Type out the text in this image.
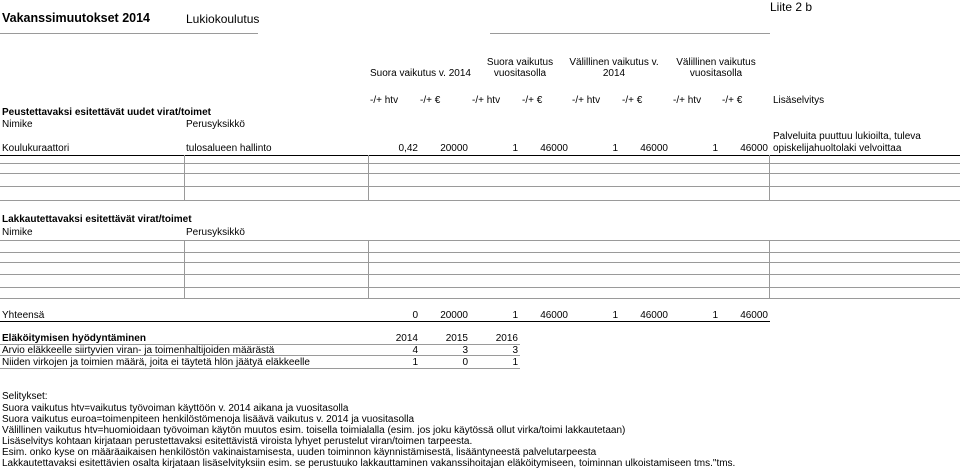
Vakanssimuutokset 2014	Lukiokoulutus
Liite 2 b
Suora vaikutus v. 2014
Suora vaikutus
vuositasolla
Välillinen vaikutus v.
2014
Välillinen vaikutus
vuositasolla
-/+ htv -/+ €	-/+ htv -/+ €	-/+ htv -/+ €	-/+ htv -/+ €	Lisäselvitys
Peustettavaksi esitettävät uudet virat/toimet
Nimike	Perusyksikkö
Koulukuraattori	tulosalueen hallinto	0,42	20000	1	46000	1	46000	1	46000
Palveluita puuttuu lukioilta, tuleva
opiskelijahuoltolaki velvoittaa
Lakkautettavaksi esitettävät virat/toimet
Nimike	Perusyksikkö
Yhteensä	0	20000	1	46000	1	46000	1	46000
Eläköitymisen hyödyntäminen	2014	2015	2016
Arvio eläkkeelle siirtyvien viran- ja toimenhaltijoiden määrästä	4	3	3
Niiden virkojen ja toimien määrä, joita ei täytetä hlön jäätyä eläkkeelle	1	0	1
Selitykset:
Suora vaikutus htv=vaikutus työvoiman käyttöön v. 2014 aikana ja vuositasolla
Suora vaikutus euroa=toimenpiteen henkilöstömenoja lisäävä vaikutus v. 2014 ja vuositasolla
Välillinen vaikutus htv=huomioidaan työvoiman käytön muutos esim. toisella toimialalla (esim. jos joku käytössä ollut virka/toimi lakkautetaan)
Lisäselvitys kohtaan kirjataan perustettavaksi esitettävistä viroista lyhyet perustelut viran/toimen tarpeesta.
Esim. onko kyse on määräaikaisen henkilöstön vakinaistamisesta, uuden toiminnon käynnistämisestä, lisääntyneestä palvelutarpeesta
Lakkautettavaksi esitettävien osalta kirjataan lisäselvityksiin esim. se perustuuko lakkauttaminen vakanssihoitajan eläköitymiseen, toiminnan ulkoistamiseen tms."tms.
